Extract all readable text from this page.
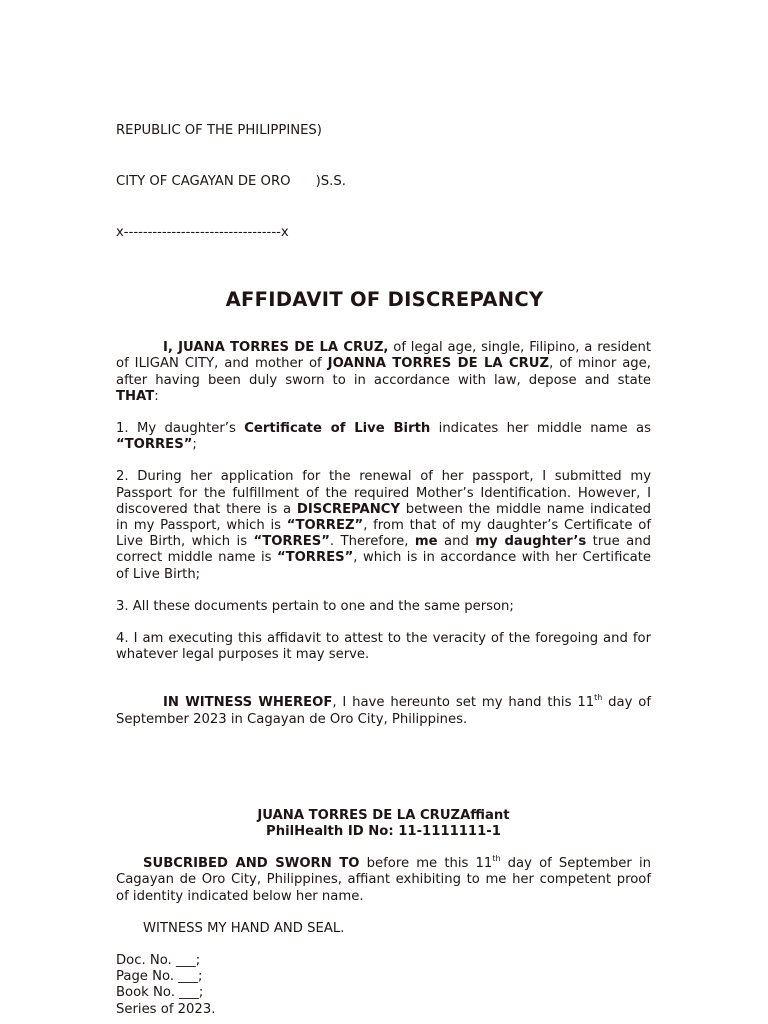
REPUBLIC OF THE PHILIPPINES)

CITY OF CAGAYAN DE ORO      )S.S.

x---------------------------------x

AFFIDAVIT OF DISCREPANCY

I, JUANA TORRES DE LA CRUZ, of legal age, single, Filipino, a resident of ILIGAN CITY, and mother of JOANNA TORRES DE LA CRUZ, of minor age, after having been duly sworn to in accordance with law, depose and state THAT:

1. My daughter’s Certificate of Live Birth indicates her middle name as “TORRES”;

2. During her application for the renewal of her passport, I submitted my Passport for the fulfillment of the required Mother’s Identification. However, I discovered that there is a DISCREPANCY between the middle name indicated in my Passport, which is “TORREZ”, from that of my daughter’s Certificate of Live Birth, which is “TORRES”. Therefore, me and my daughter’s true and correct middle name is “TORRES”, which is in accordance with her Certificate of Live Birth;

3. All these documents pertain to one and the same person;

4. I am executing this affidavit to attest to the veracity of the foregoing and for whatever legal purposes it may serve.

IN WITNESS WHEREOF, I have hereunto set my hand this 11th day of September 2023 in Cagayan de Oro City, Philippines.

JUANA TORRES DE LA CRUZAffiant
PhilHealth ID No: 11-1111111-1

SUBCRIBED AND SWORN TO before me this 11th day of September in Cagayan de Oro City, Philippines, affiant exhibiting to me her competent proof of identity indicated below her name.

WITNESS MY HAND AND SEAL.

Doc. No. ___;
Page No. ___;
Book No. ___;
Series of 2023.
